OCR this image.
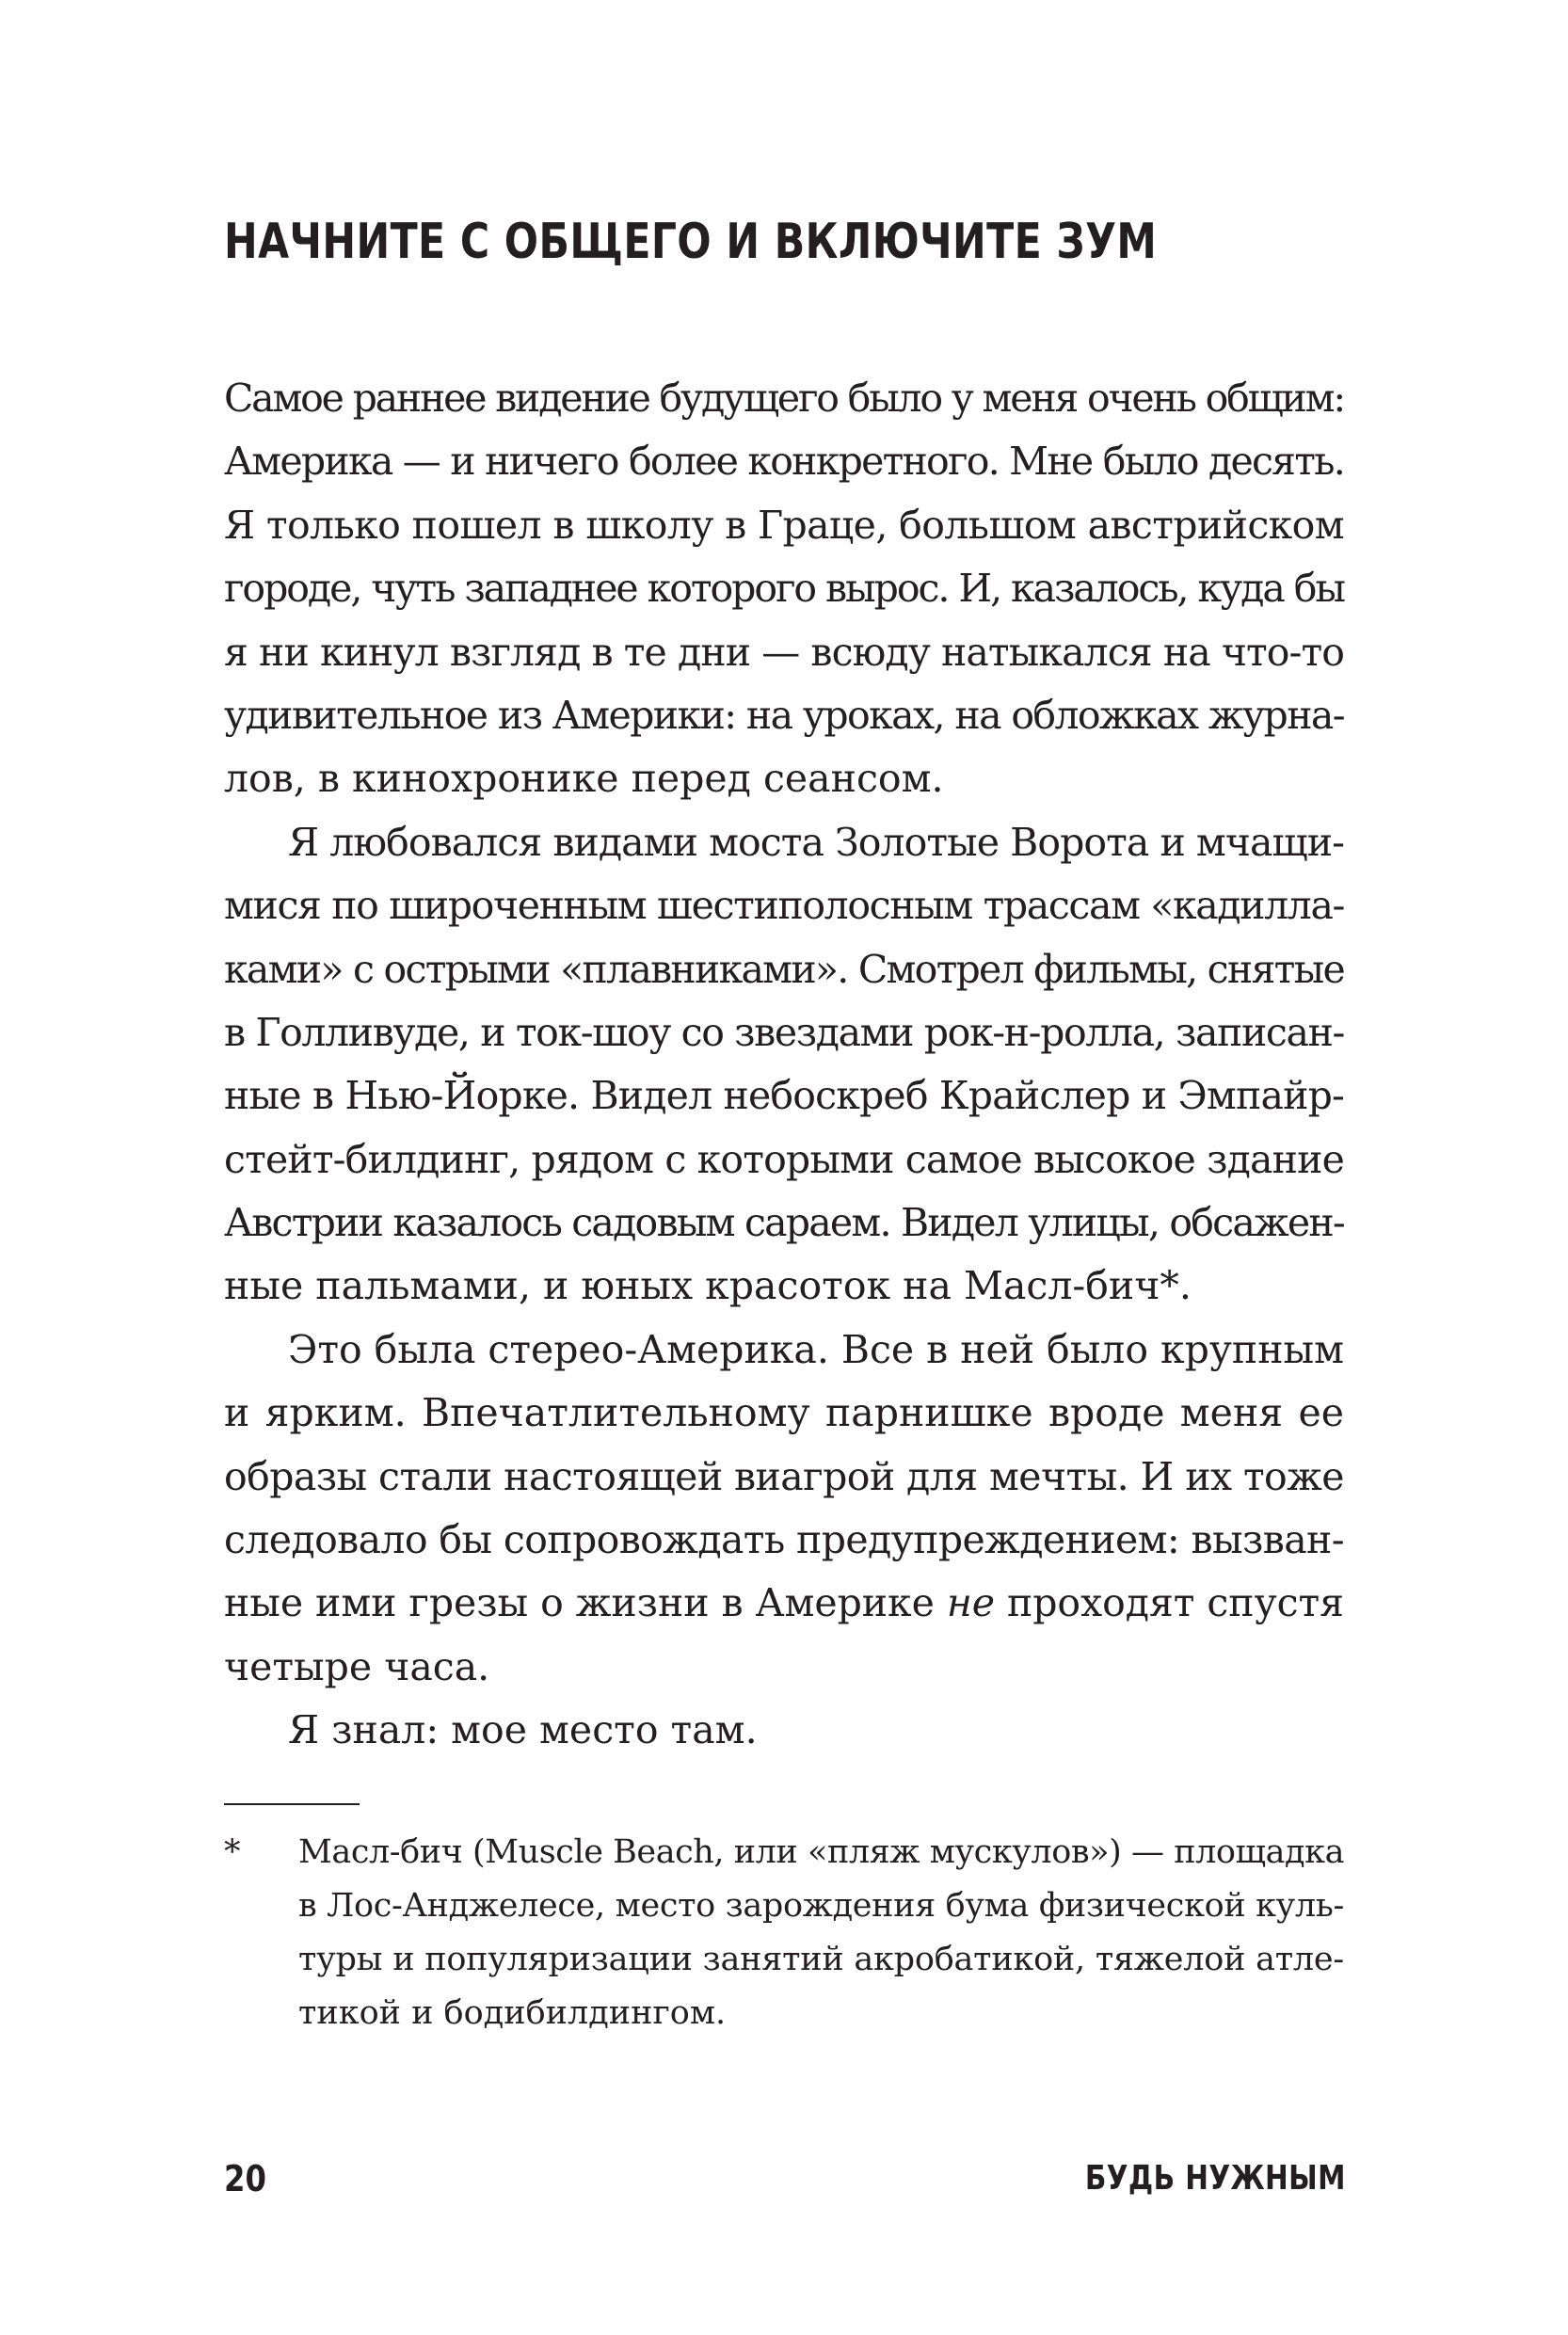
НАЧНИТЕ С ОБЩЕГО И ВКЛЮЧИТЕ ЗУМ
Самое раннее видение будущего было у меня очень общим:
Америка — и ничего более конкретного. Мне было десять.
Я только пошел в школу в Граце, большом австрийском
городе, чуть западнее которого вырос. И, казалось, куда бы
я ни кинул взгляд в те дни — всюду натыкался на что-то
удивительное из Америки: на уроках, на обложках журна-
лов, в кинохронике перед сеансом.
Я любовался видами моста Золотые Ворота и мчащи-
мися по широченным шестиполосным трассам «кадилла-
ками» с острыми «плавниками». Смотрел фильмы, снятые
в Голливуде, и ток-шоу со звездами рок-н-ролла, записан-
ные в Нью-Йорке. Видел небоскреб Крайслер и Эмпайр-
стейт-билдинг, рядом с которыми самое высокое здание
Австрии казалось садовым сараем. Видел улицы, обсажен-
ные пальмами, и юных красоток на Масл-бич*.
Это была стерео-Америка. Все в ней было крупным
и ярким. Впечатлительному парнишке вроде меня ее
образы стали настоящей виагрой для мечты. И их тоже
следовало бы сопровождать предупреждением: вызван-
ные ими грезы о жизни в Америке не проходят спустя
четыре часа.
Я знал: мое место там.
*	Масл-бич (Muscle Beach, или «пляж мускулов») — площадка
в Лос-Анджелесе, место зарождения бума физической куль-
туры и популяризации занятий акробатикой, тяжелой атле-
тикой и бодибилдингом.
20	БУДЬ НУЖНЫМ
